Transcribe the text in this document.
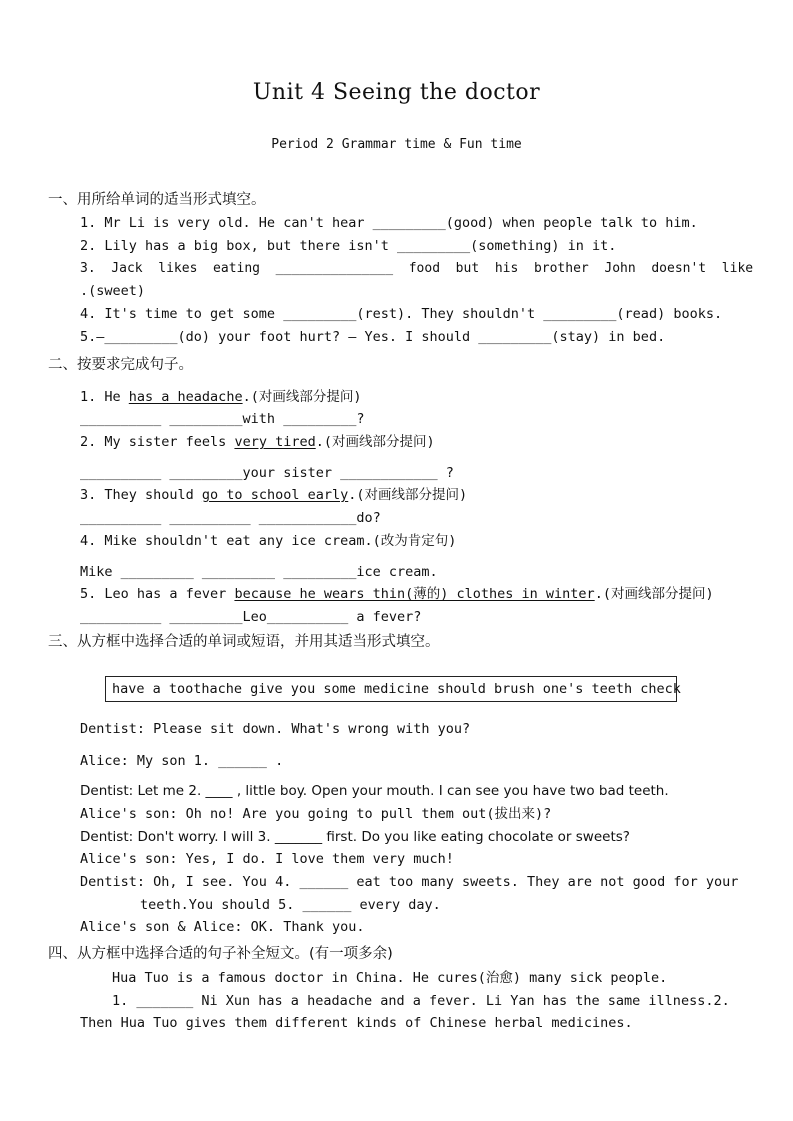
Unit 4 Seeing the doctor
Period 2 Grammar time & Fun time
一、用所给单词的适当形式填空。
1. Mr Li is very old. He can't hear _________(good) when people talk to him.
2. Lily has a big box, but there isn't _________(something) in it.
3.  Jack  likes  eating  _______________  food  but  his  brother  John  doesn't  like
.(sweet)
4. It's time to get some _________(rest). They shouldn't _________(read) books.
5.—_________(do) your foot hurt? — Yes. I should _________(stay) in bed.
二、按要求完成句子。
1. He has a headache.(对画线部分提问)
__________ _________with _________?
2. My sister feels very tired.(对画线部分提问)
__________ _________your sister ____________ ?
3. They should go to school early.(对画线部分提问)
__________ __________ ____________do?
4. Mike shouldn't eat any ice cream.(改为肯定句)
Mike _________ _________ _________ice cream.
5. Leo has a fever because he wears thin(薄的) clothes in winter.(对画线部分提问)
__________ _________Leo__________ a fever?
三、从方框中选择合适的单词或短语，并用其适当形式填空。
have a toothache give you some medicine should brush one's teeth check
Dentist: Please sit down. What's wrong with you?
Alice: My son 1. ______ .
Dentist: Let me 2. ____ , little boy. Open your mouth. I can see you have two bad teeth.
Alice's son: Oh no! Are you going to pull them out(拔出来)?
Dentist: Don't worry. I will 3. _______ first. Do you like eating chocolate or sweets?
Alice's son: Yes, I do. I love them very much!
Dentist: Oh, I see. You 4. ______ eat too many sweets. They are not good for your
teeth.You should 5. ______ every day.
Alice's son & Alice: OK. Thank you.
四、从方框中选择合适的句子补全短文。(有一项多余)
Hua Tuo is a famous doctor in China. He cures(治愈) many sick people.
1. _______ Ni Xun has a headache and a fever. Li Yan has the same illness.2.
Then Hua Tuo gives them different kinds of Chinese herbal medicines.
